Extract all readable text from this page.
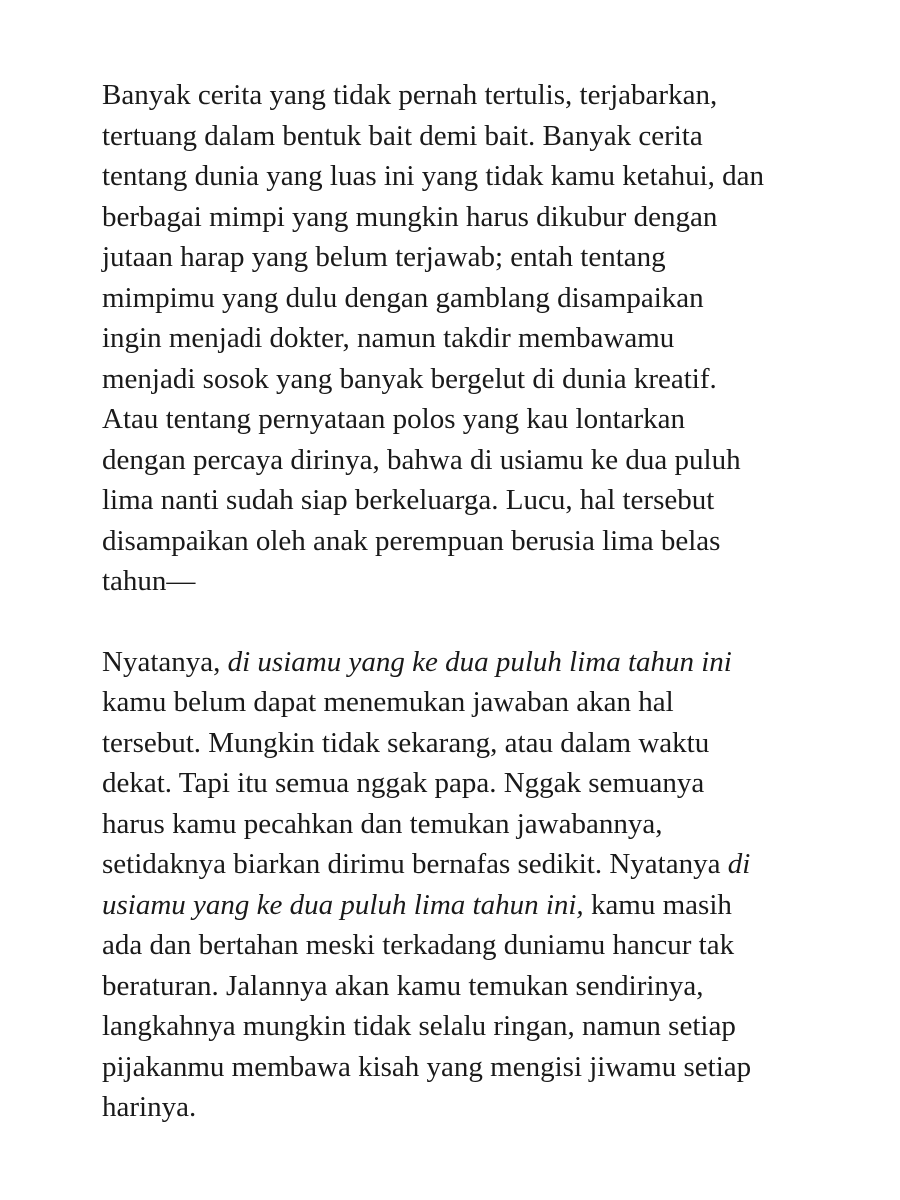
Banyak cerita yang tidak pernah tertulis, terjabarkan,
tertuang dalam bentuk bait demi bait. Banyak cerita
tentang dunia yang luas ini yang tidak kamu ketahui, dan
berbagai mimpi yang mungkin harus dikubur dengan
jutaan harap yang belum terjawab; entah tentang
mimpimu yang dulu dengan gamblang disampaikan
ingin menjadi dokter, namun takdir membawamu
menjadi sosok yang banyak bergelut di dunia kreatif.
Atau tentang pernyataan polos yang kau lontarkan
dengan percaya dirinya, bahwa di usiamu ke dua puluh
lima nanti sudah siap berkeluarga. Lucu, hal tersebut
disampaikan oleh anak perempuan berusia lima belas
tahun—

Nyatanya, di usiamu yang ke dua puluh lima tahun ini
kamu belum dapat menemukan jawaban akan hal
tersebut. Mungkin tidak sekarang, atau dalam waktu
dekat. Tapi itu semua nggak papa. Nggak semuanya
harus kamu pecahkan dan temukan jawabannya,
setidaknya biarkan dirimu bernafas sedikit. Nyatanya di
usiamu yang ke dua puluh lima tahun ini, kamu masih
ada dan bertahan meski terkadang duniamu hancur tak
beraturan. Jalannya akan kamu temukan sendirinya,
langkahnya mungkin tidak selalu ringan, namun setiap
pijakanmu membawa kisah yang mengisi jiwamu setiap
harinya.
